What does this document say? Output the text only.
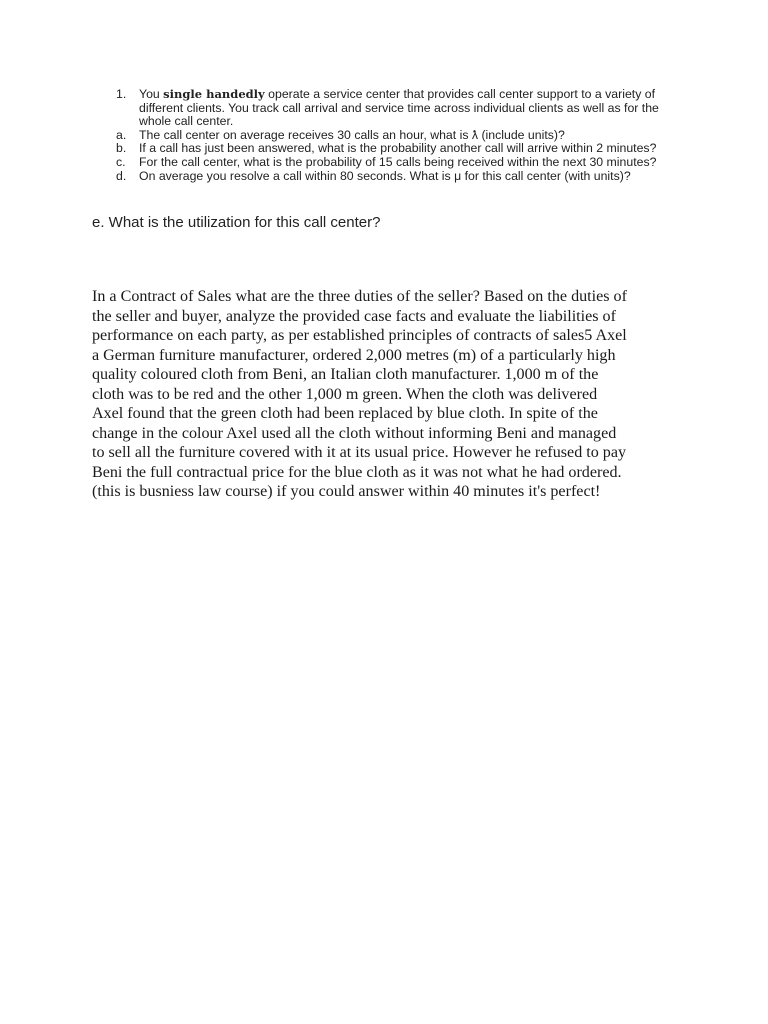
1.	You single handedly operate a service center that provides call center support to a variety of different clients. You track call arrival and service time across individual clients as well as for the whole call center.
a.	The call center on average receives 30 calls an hour, what is ƛ (include units)?
b.	If a call has just been answered, what is the probability another call will arrive within 2 minutes?
c.	For the call center, what is the probability of 15 calls being received within the next 30 minutes?
d.	On average you resolve a call within 80 seconds. What is μ for this call center (with units)?
e. What is the utilization for this call center?

In a Contract of Sales what are the three duties of the seller? Based on the duties of

the seller and buyer, analyze the provided case facts and evaluate the liabilities of

performance on each party, as per established principles of contracts of sales5 Axel

a German furniture manufacturer, ordered 2,000 metres (m) of a particularly high

quality coloured cloth from Beni, an Italian cloth manufacturer. 1,000 m of the

cloth was to be red and the other 1,000 m green. When the cloth was delivered

Axel found that the green cloth had been replaced by blue cloth. In spite of the

change in the colour Axel used all the cloth without informing Beni and managed

to sell all the furniture covered with it at its usual price. However he refused to pay

Beni the full contractual price for the blue cloth as it was not what he had ordered.

(this is busniess law course) if you could answer within 40 minutes it's perfect!
